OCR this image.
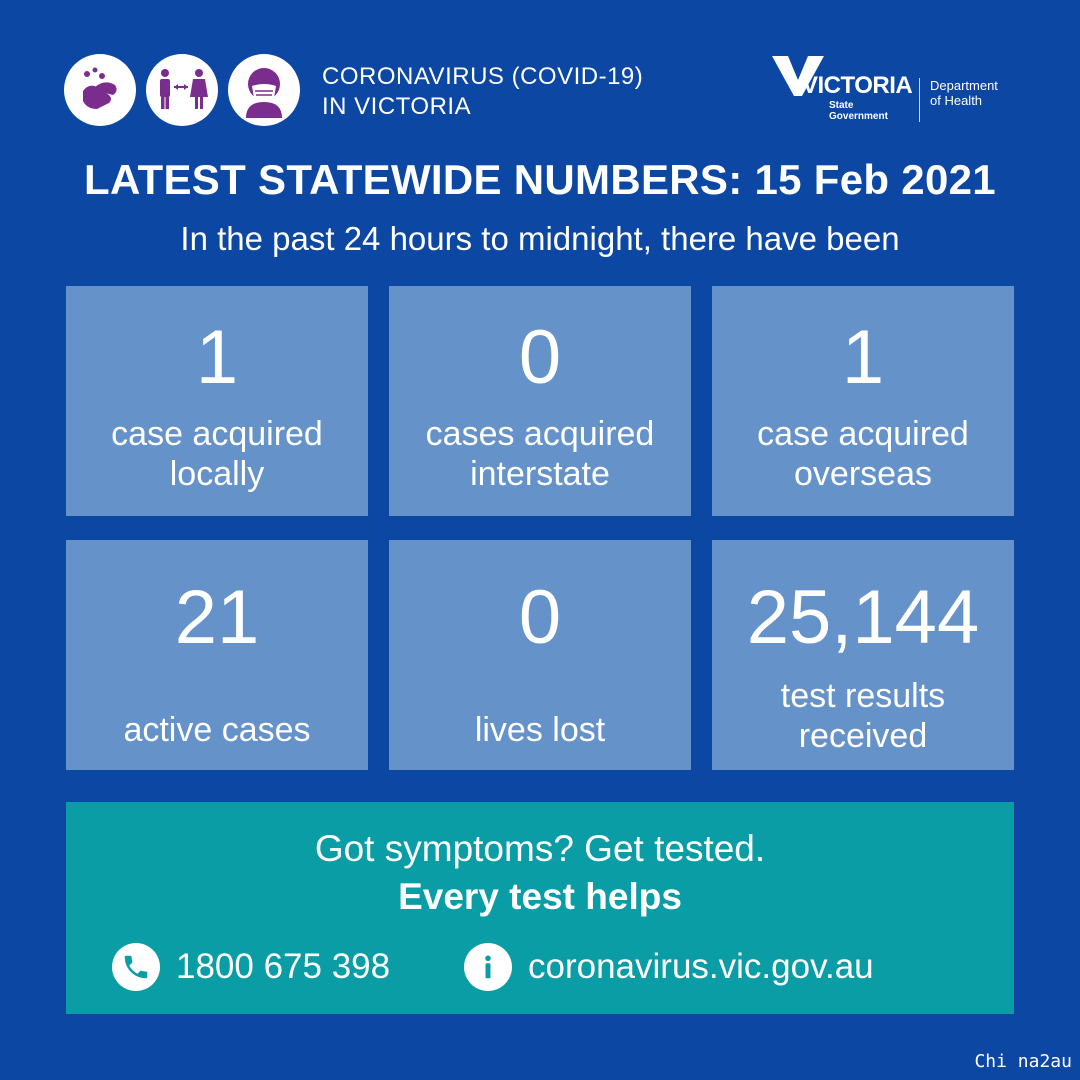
CORONAVIRUS (COVID-19)
IN VICTORIA
VICTORIA
State
Government
Department
of Health
LATEST STATEWIDE NUMBERS: 15 Feb 2021
In the past 24 hours to midnight, there have been
1
case acquired
locally
0
cases acquired
interstate
1
case acquired
overseas
21
active cases
0
lives lost
25,144
test results
received
Got symptoms? Get tested.
Every test helps
1800 675 398	coronavirus.vic.gov.au
Chi na2au
